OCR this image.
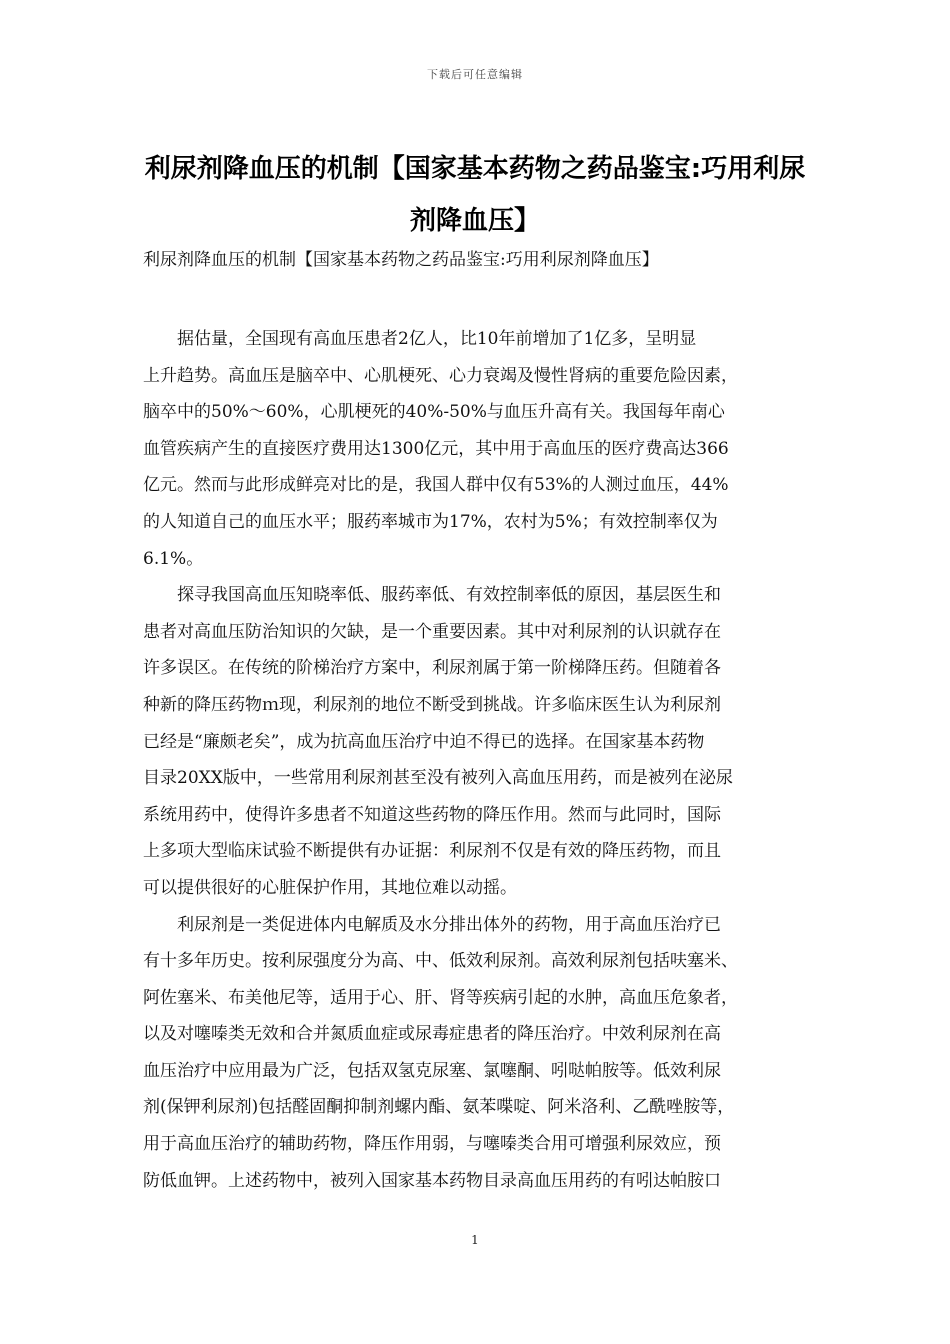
下载后可任意编辑
利尿剂降血压的机制【国家基本药物之药品鉴宝:巧用利尿剂降血压】

利尿剂降血压的机制【国家基本药物之药品鉴宝:巧用利尿剂降血压】

据估量，全国现有高血压患者2亿人，比10年前增加了1亿多，呈明显
上升趋势。高血压是脑卒中、心肌梗死、心力衰竭及慢性肾病的重要危险因素，
脑卒中的50%～60%，心肌梗死的40%-50%与血压升高有关。我国每年南心
血管疾病产生的直接医疗费用达1300亿元，其中用于高血压的医疗费高达366
亿元。然而与此形成鲜亮对比的是，我国人群中仅有53%的人测过血压，44%
的人知道自己的血压水平；服药率城市为17%，农村为5%；有效控制率仅为
6.1%。

探寻我国高血压知晓率低、服药率低、有效控制率低的原因，基层医生和
患者对高血压防治知识的欠缺，是一个重要因素。其中对利尿剂的认识就存在
许多误区。在传统的阶梯治疗方案中，利尿剂属于第一阶梯降压药。但随着各
种新的降压药物ｍ现，利尿剂的地位不断受到挑战。许多临床医生认为利尿剂
已经是“廉颇老矣”，成为抗高血压治疗中迫不得已的选择。在国家基本药物
目录20XX版中，一些常用利尿剂甚至没有被列入高血压用药，而是被列在泌尿
系统用药中，使得许多患者不知道这些药物的降压作用。然而与此同时，国际
上多项大型临床试验不断提供有办证据：利尿剂不仅是有效的降压药物，而且
可以提供很好的心脏保护作用，其地位难以动摇。

利尿剂是一类促进体内电解质及水分排出体外的药物，用于高血压治疗已
有十多年历史。按利尿强度分为高、中、低效利尿剂。高效利尿剂包括呋塞米、
阿佐塞米、布美他尼等，适用于心、肝、肾等疾病引起的水肿，高血压危象者，
以及对噻嗪类无效和合并氮质血症或尿毒症患者的降压治疗。中效利尿剂在高
血压治疗中应用最为广泛，包括双氢克尿塞、氯噻酮、吲哒帕胺等。低效利尿
剂(保钾利尿剂)包括醛固酮抑制剂螺内酯、氨苯喋啶、阿米洛利、乙酰唑胺等，
用于高血压治疗的辅助药物，降压作用弱，与噻嗪类合用可增强利尿效应，预
防低血钾。上述药物中，被列入国家基本药物目录高血压用药的有吲达帕胺口

1
